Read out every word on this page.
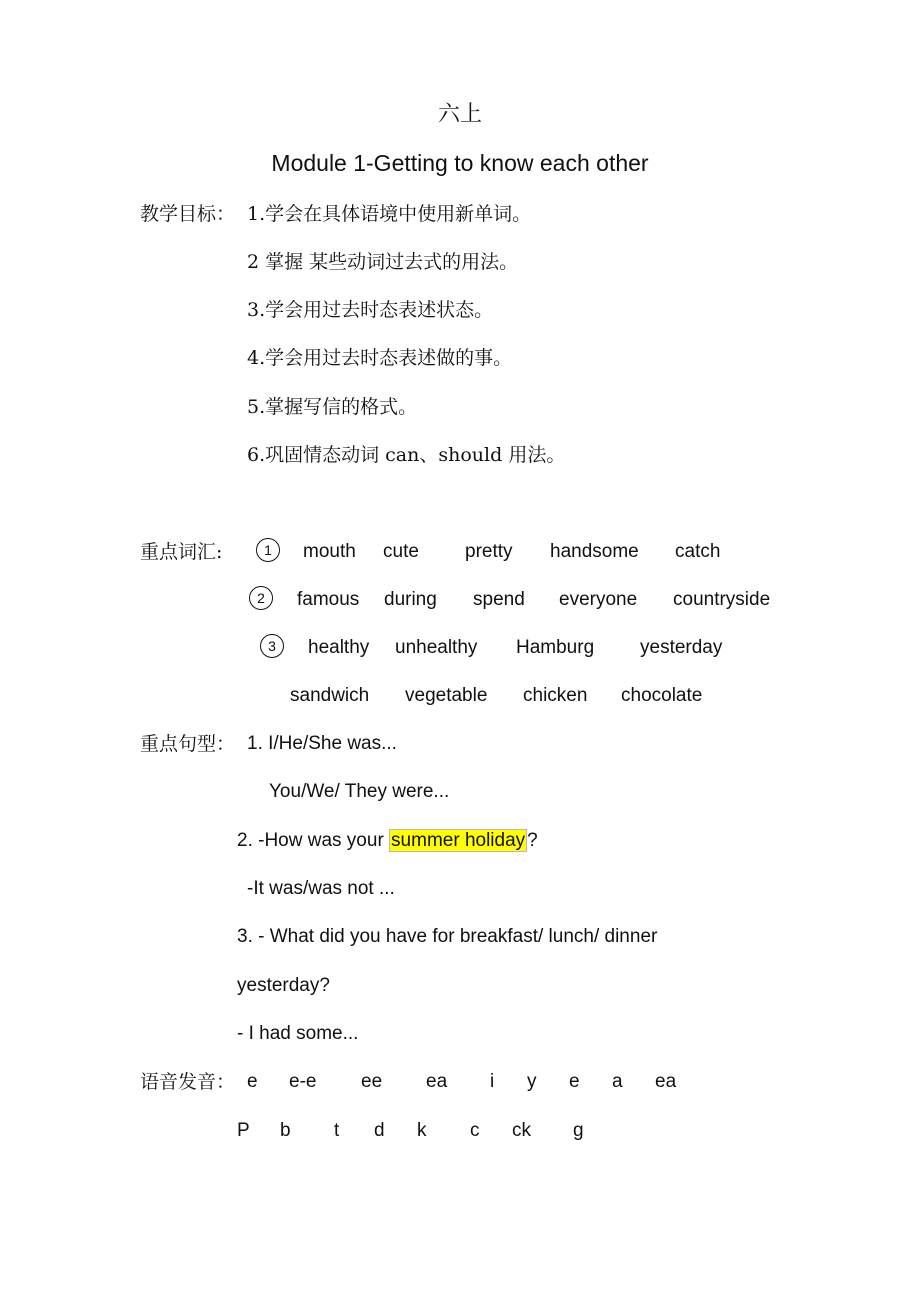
六上
Module 1-Getting to know each other
教学目标： 1.学会在具体语境中使用新单词。
2 掌握 某些动词过去式的用法。
3.学会用过去时态表述状态。
4.学会用过去时态表述做的事。
5.掌握写信的格式。
6.巩固情态动词 can、should 用法。
重点词汇:	1	mouth cute pretty handsome catch
2	famous during spend everyone countryside
3	healthy unhealthy Hamburg yesterday
sandwich vegetable chicken chocolate
重点句型： 1. I/He/She was...
You/We/ They were...
2. -How was your summer holiday ?
-It was/was not ...
3. - What did you have for breakfast/ lunch/ dinner
yesterday?
- I had some...
语音发音： e e-e ee ea i y e a ea
P b t d k c ck g
